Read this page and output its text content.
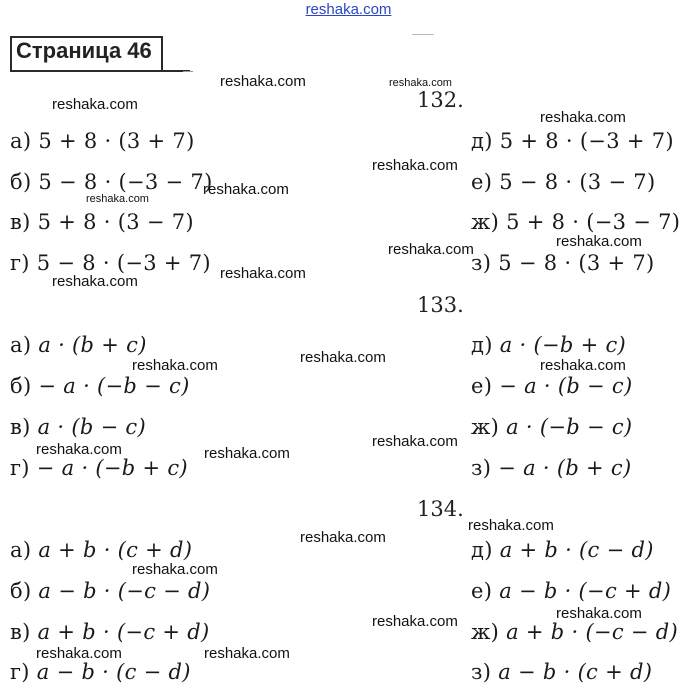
reshaka.com
Страница 46
132.
а) 5 + 8 · (3 + 7)
б) 5 − 8 · (−3 − 7)
в) 5 + 8 · (3 − 7)
г) 5 − 8 · (−3 + 7)
д) 5 + 8 · (−3 + 7)
е) 5 − 8 · (3 − 7)
ж) 5 + 8 · (−3 − 7)
з) 5 − 8 · (3 + 7)
133.
а) a · (b + c)
б) − a · (−b − c)
в) a · (b − c)
г) − a · (−b + c)
д) a · (−b + c)
е) − a · (b − c)
ж) a · (−b − c)
з) − a · (b + c)
134.
а) a + b · (c + d)
б) a − b · (−c − d)
в) a + b · (−c + d)
г) a − b · (c − d)
д) a + b · (c − d)
е) a − b · (−c + d)
ж) a + b · (−c − d)
з) a − b · (c + d)
reshaka.com	reshaka.com
reshaka.com
reshaka.com
reshaka.com
reshaka.com
reshaka.com
reshaka.com
reshaka.com
reshaka.com
reshaka.com
reshaka.com
reshaka.com	reshaka.com
reshaka.com
reshaka.com	reshaka.com
reshaka.com
reshaka.com
reshaka.com
reshaka.com
reshaka.com
reshaka.com	reshaka.com
